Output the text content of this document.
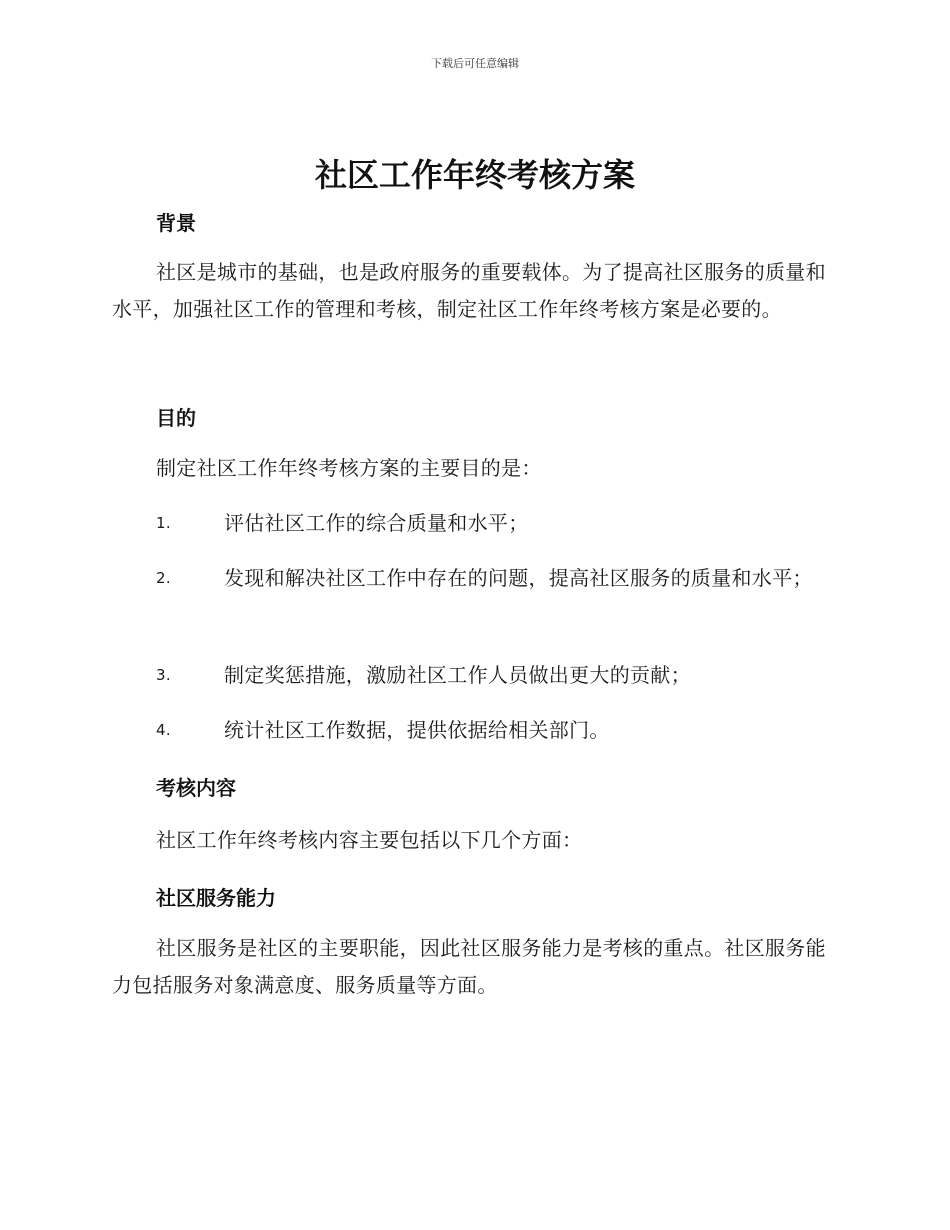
下载后可任意编辑
社区工作年终考核方案

背景

社区是城市的基础，也是政府服务的重要载体。为了提高社区服务的质量和水平，加强社区工作的管理和考核，制定社区工作年终考核方案是必要的。

目的

制定社区工作年终考核方案的主要目的是：

1.	评估社区工作的综合质量和水平；

2.	发现和解决社区工作中存在的问题，提高社区服务的质量和水平；

3.	制定奖惩措施，激励社区工作人员做出更大的贡献；

4.	统计社区工作数据，提供依据给相关部门。

考核内容

社区工作年终考核内容主要包括以下几个方面：

社区服务能力

社区服务是社区的主要职能，因此社区服务能力是考核的重点。社区服务能力包括服务对象满意度、服务质量等方面。
